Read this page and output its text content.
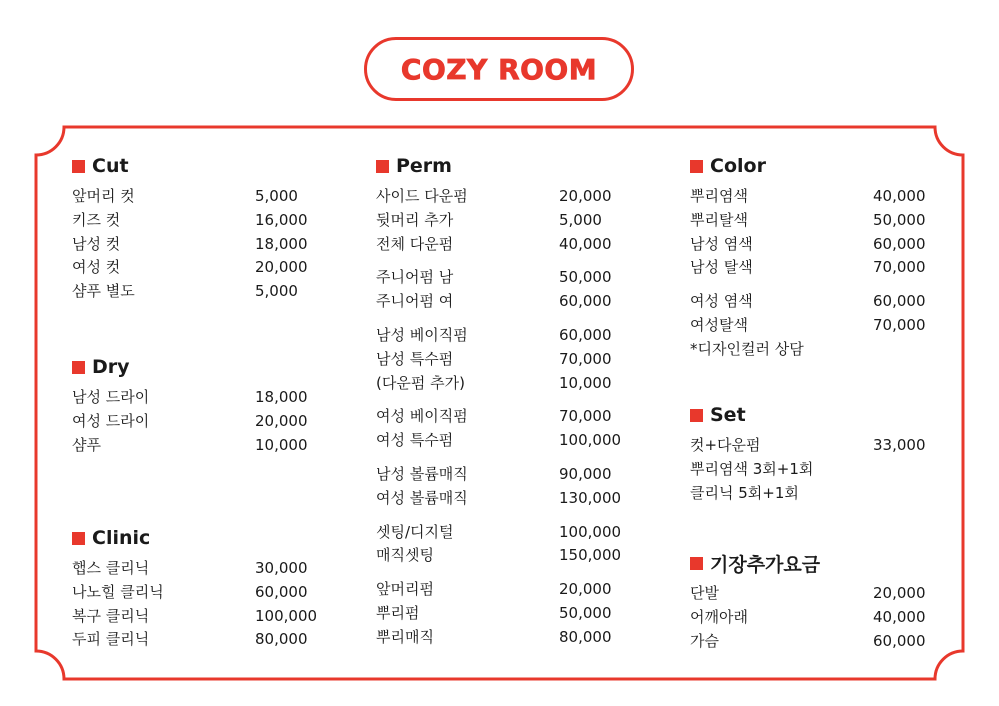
COZY ROOM
Cut
앞머리 컷	5,000
키즈 컷	16,000
남성 컷	18,000
여성 컷	20,000
샴푸 별도	5,000
Dry
남성 드라이	18,000
여성 드라이	20,000
샴푸	10,000
Clinic
햅스 클리닉	30,000
나노힐 클리닉	60,000
복구 클리닉	100,000
두피 클리닉	80,000
Perm
사이드 다운펌	20,000
뒷머리 추가	5,000
전체 다운펌	40,000
주니어펌 남	50,000
주니어펌 여	60,000
남성 베이직펌	60,000
남성 특수펌	70,000
(다운펌 추가)	10,000
여성 베이직펌	70,000
여성 특수펌	100,000
남성 볼륨매직	90,000
여성 볼륨매직	130,000
셋팅/디지털	100,000
매직셋팅	150,000
앞머리펌	20,000
뿌리펌	50,000
뿌리매직	80,000
Color
뿌리염색	40,000
뿌리탈색	50,000
남성 염색	60,000
남성 탈색	70,000
여성 염색	60,000
여성탈색	70,000
*디자인컬러 상담
Set
컷+다운펌	33,000
뿌리염색 3회+1회
클리닉 5회+1회
기장추가요금
단발	20,000
어깨아래	40,000
가슴	60,000
